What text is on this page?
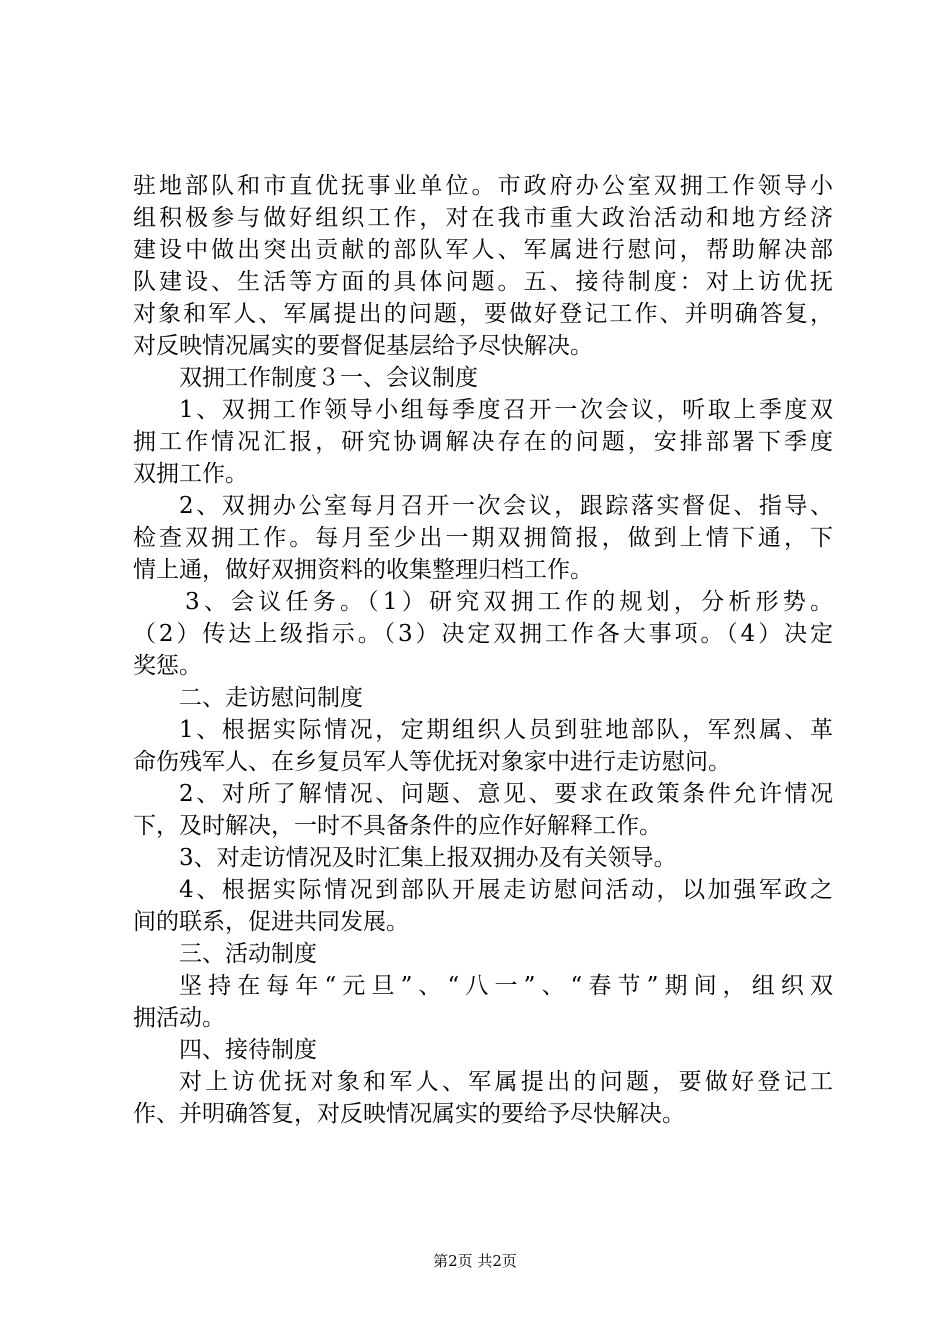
驻地部队和市直优抚事业单位。市政府办公室双拥工作领导小
组积极参与做好组织工作，对在我市重大政治活动和地方经济
建设中做出突出贡献的部队军人、军属进行慰问，帮助解决部
队建设、生活等方面的具体问题。五、接待制度：对上访优抚
对象和军人、军属提出的问题，要做好登记工作、并明确答复，
对反映情况属实的要督促基层给予尽快解决。
双拥工作制度３一、会议制度
1、双拥工作领导小组每季度召开一次会议，听取上季度双
拥工作情况汇报，研究协调解决存在的问题，安排部署下季度
双拥工作。
2、双拥办公室每月召开一次会议，跟踪落实督促、指导、
检查双拥工作。每月至少出一期双拥简报，做到上情下通，下
情上通，做好双拥资料的收集整理归档工作。
3、会议任务。（1）研究双拥工作的规划，分析形势。
（2）传达上级指示。（3）决定双拥工作各大事项。（4）决定
奖惩。
二、走访慰问制度
1、根据实际情况，定期组织人员到驻地部队，军烈属、革
命伤残军人、在乡复员军人等优抚对象家中进行走访慰问。
2、对所了解情况、问题、意见、要求在政策条件允许情况
下，及时解决，一时不具备条件的应作好解释工作。
3、对走访情况及时汇集上报双拥办及有关领导。
4、根据实际情况到部队开展走访慰问活动，以加强军政之
间的联系，促进共同发展。
三、活动制度
坚持在每年“元旦”、“八一”、“春节”期间，组织双
拥活动。
四、接待制度
对上访优抚对象和军人、军属提出的问题，要做好登记工
作、并明确答复，对反映情况属实的要给予尽快解决。
第2页 共2页
